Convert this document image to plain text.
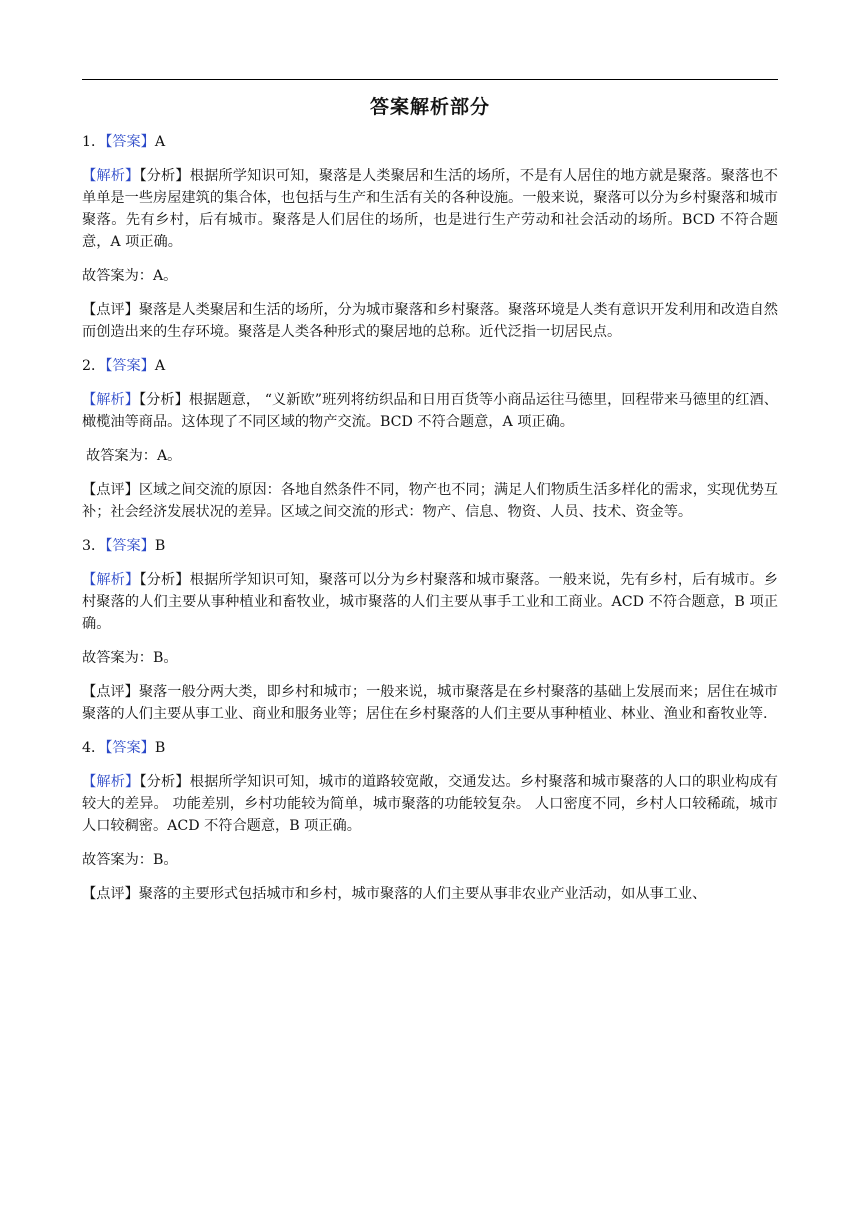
答案解析部分
1．【答案】A
【解析】【分析】根据所学知识可知，聚落是人类聚居和生活的场所，不是有人居住的地方就是聚落。聚落也不单单是一些房屋建筑的集合体，也包括与生产和生活有关的各种设施。一般来说，聚落可以分为乡村聚落和城市聚落。先有乡村，后有城市。聚落是人们居住的场所，也是进行生产劳动和社会活动的场所。BCD 不符合题意，A 项正确。
故答案为：A。
【点评】聚落是人类聚居和生活的场所，分为城市聚落和乡村聚落。聚落环境是人类有意识开发利用和改造自然而创造出来的生存环境。聚落是人类各种形式的聚居地的总称。近代泛指一切居民点。
2．【答案】A
【解析】【分析】根据题意， “义新欧”班列将纺织品和日用百货等小商品运往马德里，回程带来马德里的红酒、橄榄油等商品。这体现了不同区域的物产交流。BCD 不符合题意，A 项正确。
故答案为：A。
【点评】区域之间交流的原因：各地自然条件不同，物产也不同；满足人们物质生活多样化的需求，实现优势互补；社会经济发展状况的差异。区域之间交流的形式：物产、信息、物资、人员、技术、资金等。
3．【答案】B
【解析】【分析】根据所学知识可知，聚落可以分为乡村聚落和城市聚落。一般来说，先有乡村，后有城市。乡村聚落的人们主要从事种植业和畜牧业，城市聚落的人们主要从事手工业和工商业。ACD 不符合题意，B 项正确。
故答案为：B。
【点评】聚落一般分两大类，即乡村和城市；一般来说，城市聚落是在乡村聚落的基础上发展而来；居住在城市聚落的人们主要从事工业、商业和服务业等；居住在乡村聚落的人们主要从事种植业、林业、渔业和畜牧业等.
4．【答案】B
【解析】【分析】根据所学知识可知，城市的道路较宽敞，交通发达。乡村聚落和城市聚落的人口的职业构成有较大的差异。 功能差别，乡村功能较为简单，城市聚落的功能较复杂。 人口密度不同，乡村人口较稀疏，城市人口较稠密。ACD 不符合题意，B 项正确。
故答案为：B。
【点评】聚落的主要形式包括城市和乡村，城市聚落的人们主要从事非农业产业活动，如从事工业、
